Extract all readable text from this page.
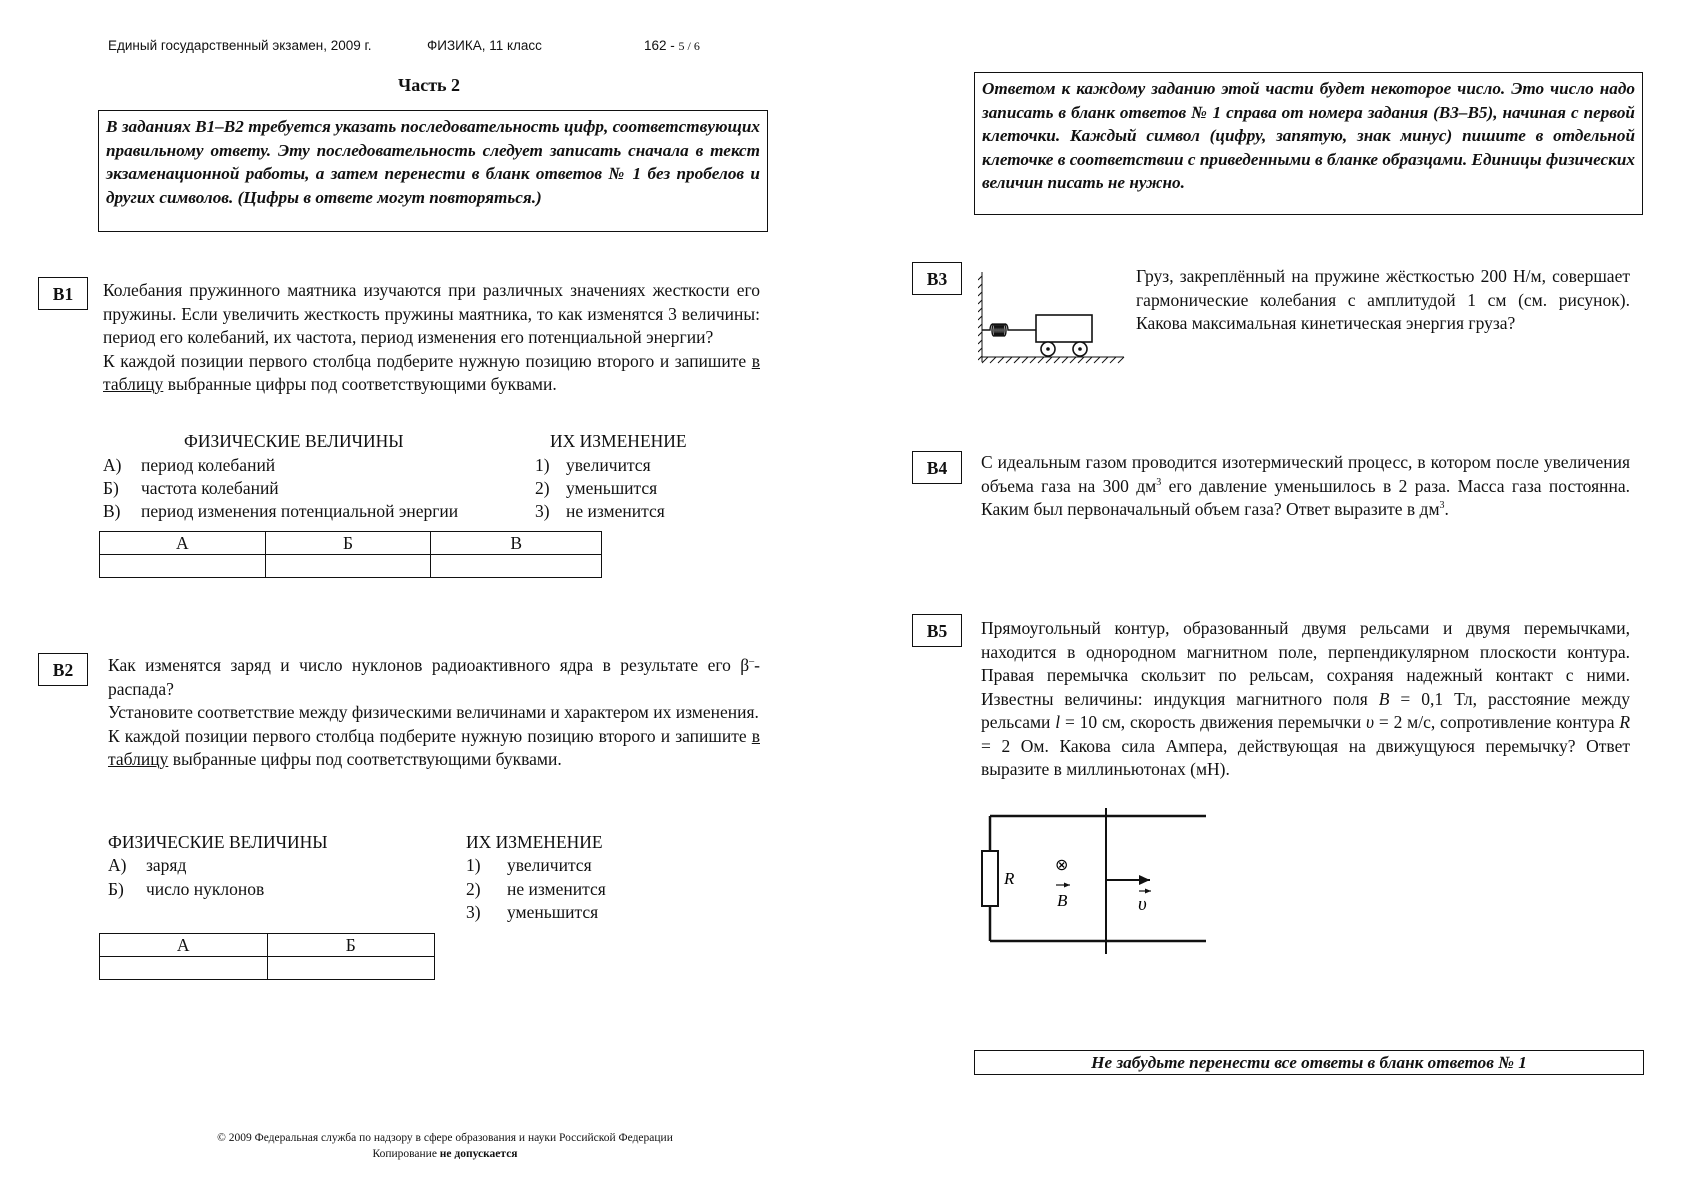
Единый государственный экзамен, 2009 г.	ФИЗИКА, 11 класс	162 - 5 / 6
Часть 2
В заданиях В1–В2 требуется указать последовательность цифр, соответствующих правильному ответу. Эту последовательность следует записать сначала в текст экзаменационной работы, а затем перенести в бланк ответов № 1 без пробелов и других символов. (Цифры в ответе могут повторяться.)
Ответом к каждому заданию этой части будет некоторое число. Это число надо записать в бланк ответов № 1 справа от номера задания (В3–В5), начиная с первой клеточки. Каждый символ (цифру, запятую, знак минус) пишите в отдельной клеточке в соответствии с приведенными в бланке образцами. Единицы физических величин писать не нужно.
B1	Колебания пружинного маятника изучаются при различных значениях жесткости его пружины. Если увеличить жесткость пружины маятника, то как изменятся 3 величины: период его колебаний, их частота, период изменения его потенциальной энергии?

К каждой позиции первого столбца подберите нужную позицию второго и запишите в таблицу выбранные цифры под соответствующими буквами.

ФИЗИЧЕСКИЕ ВЕЛИЧИНЫ	ИХ ИЗМЕНЕНИЕ
А) период колебаний
Б) частота колебаний
В) период изменения потенциальной энергии
1) увеличится
2) уменьшится
3) не изменится
А	Б	В

B2	Как изменятся заряд и число нуклонов радиоактивного ядра в результате его β–-распада?

Установите соответствие между физическими величинами и характером их изменения.

К каждой позиции первого столбца подберите нужную позицию второго и запишите в таблицу выбранные цифры под соответствующими буквами.

ФИЗИЧЕСКИЕ ВЕЛИЧИНЫ	ИХ ИЗМЕНЕНИЕ
А) заряд
Б) число нуклонов
1) увеличится
2) не изменится
3) уменьшится
А	Б

B3	Груз, закреплённый на пружине жёсткостью 200 Н/м, совершает гармонические колебания с амплитудой 1 см (см. рисунок). Какова максимальная кинетическая энергия груза?
B4	С идеальным газом проводится изотермический процесс, в котором после увеличения объема газа на 300 $дм^3$ его давление уменьшилось в 2 раза. Масса газа постоянна. Каким был первоначальный объем газа? Ответ выразите в $дм^3$.
B5	Прямоугольный контур, образованный двумя рельсами и двумя перемычками, находится в однородном магнитном поле, перпендикулярном плоскости контура. Правая перемычка скользит по рельсам, сохраняя надежный контакт с ними. Известны величины: индукция магнитного поля B = 0,1 Тл, расстояние между рельсами l = 10 см, скорость движения перемычки υ = 2 м/с, сопротивление контура R = 2 Ом. Какова сила Ампера, действующая на движущуюся перемычку? Ответ выразите в миллиньютонах (мН).
R
⊗
B	υ
Не забудьте перенести все ответы в бланк ответов № 1
© 2009 Федеральная служба по надзору в сфере образования и науки Российской Федерации
Копирование не допускается
